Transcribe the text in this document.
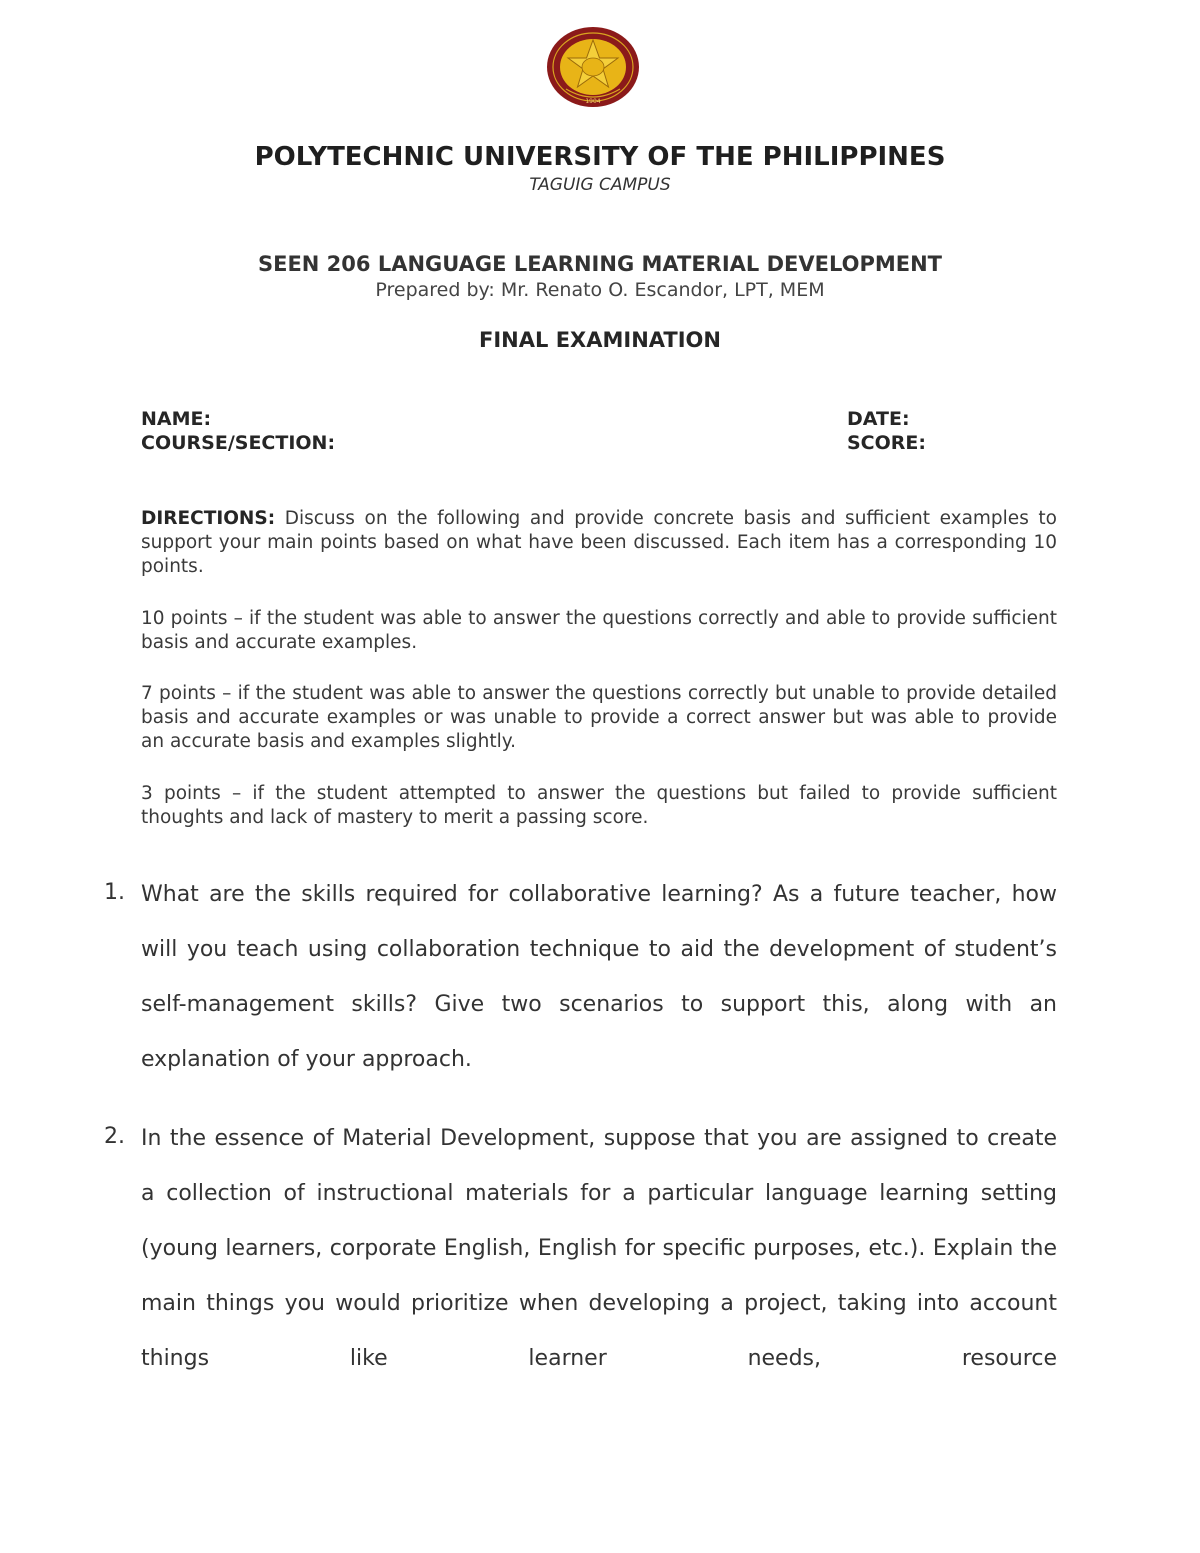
1904
POLYTECHNIC UNIVERSITY OF THE PHILIPPINES
TAGUIG CAMPUS
SEEN 206 LANGUAGE LEARNING MATERIAL DEVELOPMENT
Prepared by: Mr. Renato O. Escandor, LPT, MEM
FINAL EXAMINATION
NAME:	DATE:
COURSE/SECTION:	SCORE:
DIRECTIONS: Discuss on the following and provide concrete basis and sufficient examples to support your main points based on what have been discussed. Each item has a corresponding 10 points.
10 points – if the student was able to answer the questions correctly and able to provide sufficient basis and accurate examples.
7 points – if the student was able to answer the questions correctly but unable to provide detailed basis and accurate examples or was unable to provide a correct answer but was able to provide an accurate basis and examples slightly.
3 points – if the student attempted to answer the questions but failed to provide sufficient thoughts and lack of mastery to merit a passing score.
1. What are the skills required for collaborative learning? As a future teacher, how will you teach using collaboration technique to aid the development of student’s self-management skills? Give two scenarios to support this, along with an explanation of your approach.
2. In the essence of Material Development, suppose that you are assigned to create a collection of instructional materials for a particular language learning setting (young learners, corporate English, English for specific purposes, etc.). Explain the main things you would prioritize when developing a project, taking into account things like learner needs, resource
